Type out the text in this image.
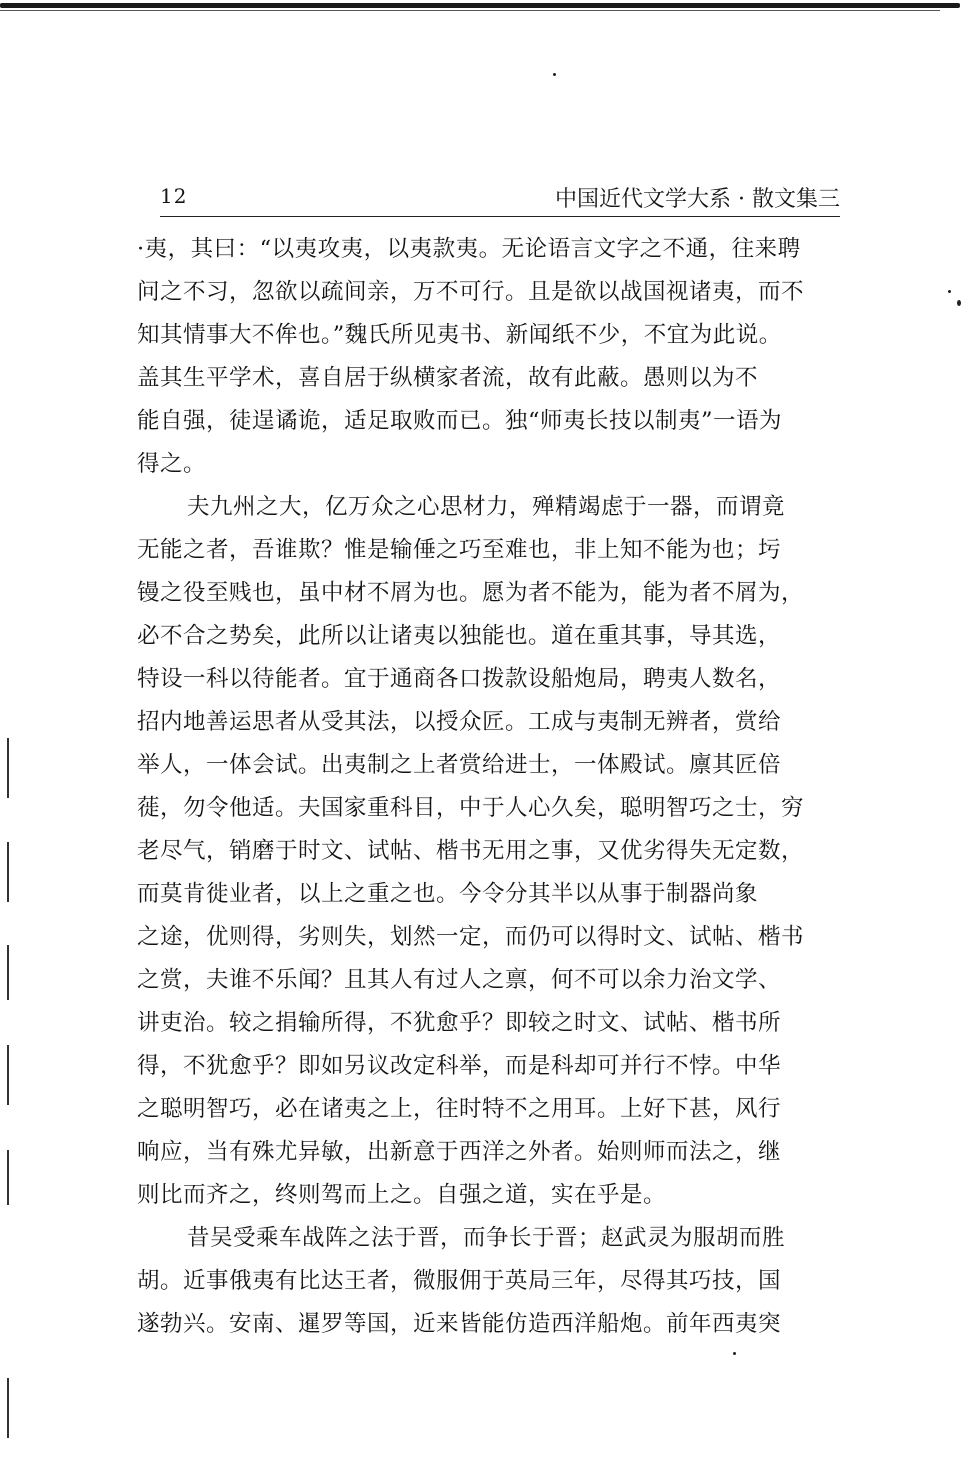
12	中国近代文学大系 · 散文集三
·夷，其曰：“以夷攻夷，以夷款夷。无论语言文字之不通，往来聘
问之不习，忽欲以疏间亲，万不可行。且是欲以战国视诸夷，而不
知其情事大不侔也。”魏氏所见夷书、新闻纸不少，不宜为此说。
盖其生平学术，喜自居于纵横家者流，故有此蔽。愚则以为不
能自强，徒逞谲诡，适足取败而已。独“师夷长技以制夷”一语为
得之。
夫九州之大，亿万众之心思材力，殚精竭虑于一器，而谓竟
无能之者，吾谁欺？惟是输倕之巧至难也，非上知不能为也；圬
镘之役至贱也，虽中材不屑为也。愿为者不能为，能为者不屑为，
必不合之势矣，此所以让诸夷以独能也。道在重其事，导其选，
特设一科以待能者。宜于通商各口拨款设船炮局，聘夷人数名，
招内地善运思者从受其法，以授众匠。工成与夷制无辨者，赏给
举人，一体会试。出夷制之上者赏给进士，一体殿试。廪其匠倍
蓰，勿令他适。夫国家重科目，中于人心久矣，聪明智巧之士，穷
老尽气，销磨于时文、试帖、楷书无用之事，又优劣得失无定数，
而莫肯徙业者，以上之重之也。今令分其半以从事于制器尚象
之途，优则得，劣则失，划然一定，而仍可以得时文、试帖、楷书
之赏，夫谁不乐闻？且其人有过人之禀，何不可以余力治文学、
讲吏治。较之捐输所得，不犹愈乎？即较之时文、试帖、楷书所
得，不犹愈乎？即如另议改定科举，而是科却可并行不悖。中华
之聪明智巧，必在诸夷之上，往时特不之用耳。上好下甚，风行
响应，当有殊尤异敏，出新意于西洋之外者。始则师而法之，继
则比而齐之，终则驾而上之。自强之道，实在乎是。
昔吴受乘车战阵之法于晋，而争长于晋；赵武灵为服胡而胜
胡。近事俄夷有比达王者，微服佣于英局三年，尽得其巧技，国
遂勃兴。安南、暹罗等国，近来皆能仿造西洋船炮。前年西夷突
